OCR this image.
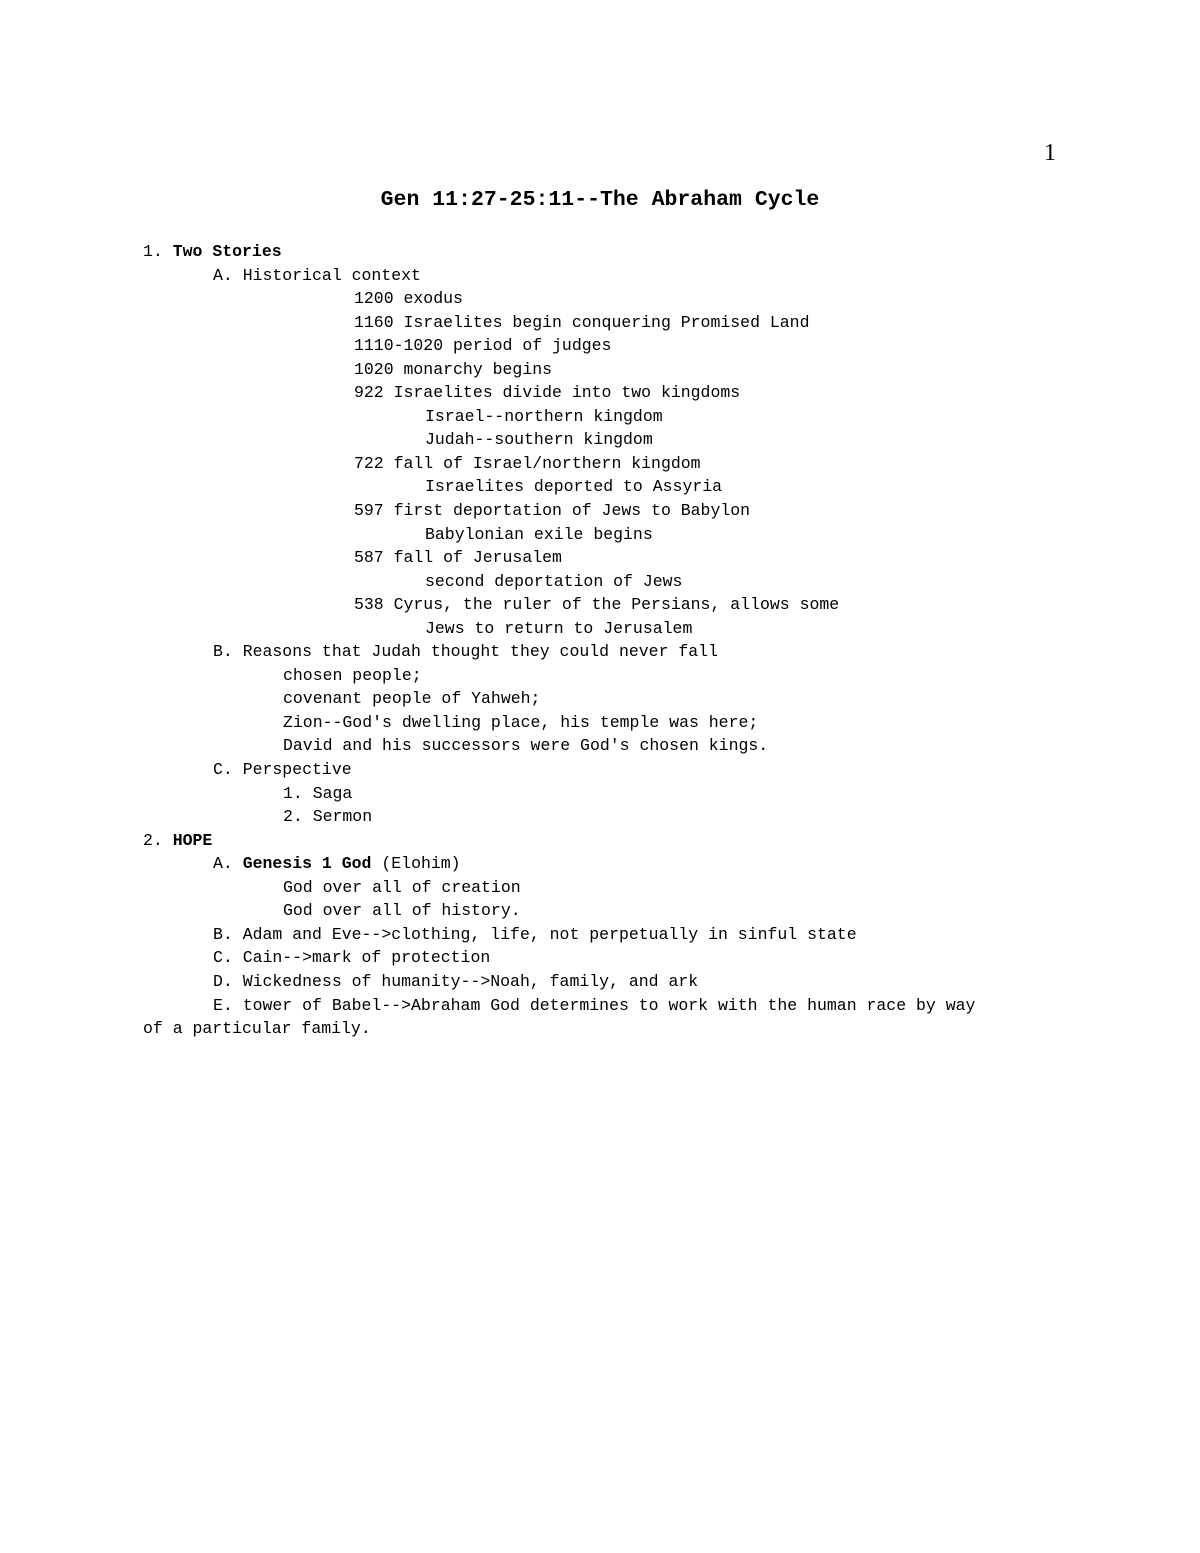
1
Gen 11:27-25:11--The Abraham Cycle
1. Two Stories
A. Historical context
1200 exodus
1160 Israelites begin conquering Promised Land
1110-1020 period of judges
1020 monarchy begins
922 Israelites divide into two kingdoms
Israel--northern kingdom
Judah--southern kingdom
722 fall of Israel/northern kingdom
Israelites deported to Assyria
597 first deportation of Jews to Babylon
Babylonian exile begins
587 fall of Jerusalem
second deportation of Jews
538 Cyrus, the ruler of the Persians, allows some
Jews to return to Jerusalem
B. Reasons that Judah thought they could never fall
chosen people;
covenant people of Yahweh;
Zion--God's dwelling place, his temple was here;
David and his successors were God's chosen kings.
C. Perspective
1. Saga
2. Sermon
2. HOPE
A. Genesis 1 God (Elohim)
God over all of creation
God over all of history.
B. Adam and Eve-->clothing, life, not perpetually in sinful state
C. Cain-->mark of protection
D. Wickedness of humanity-->Noah, family, and ark
E. tower of Babel-->Abraham God determines to work with the human race by way
of a particular family.
